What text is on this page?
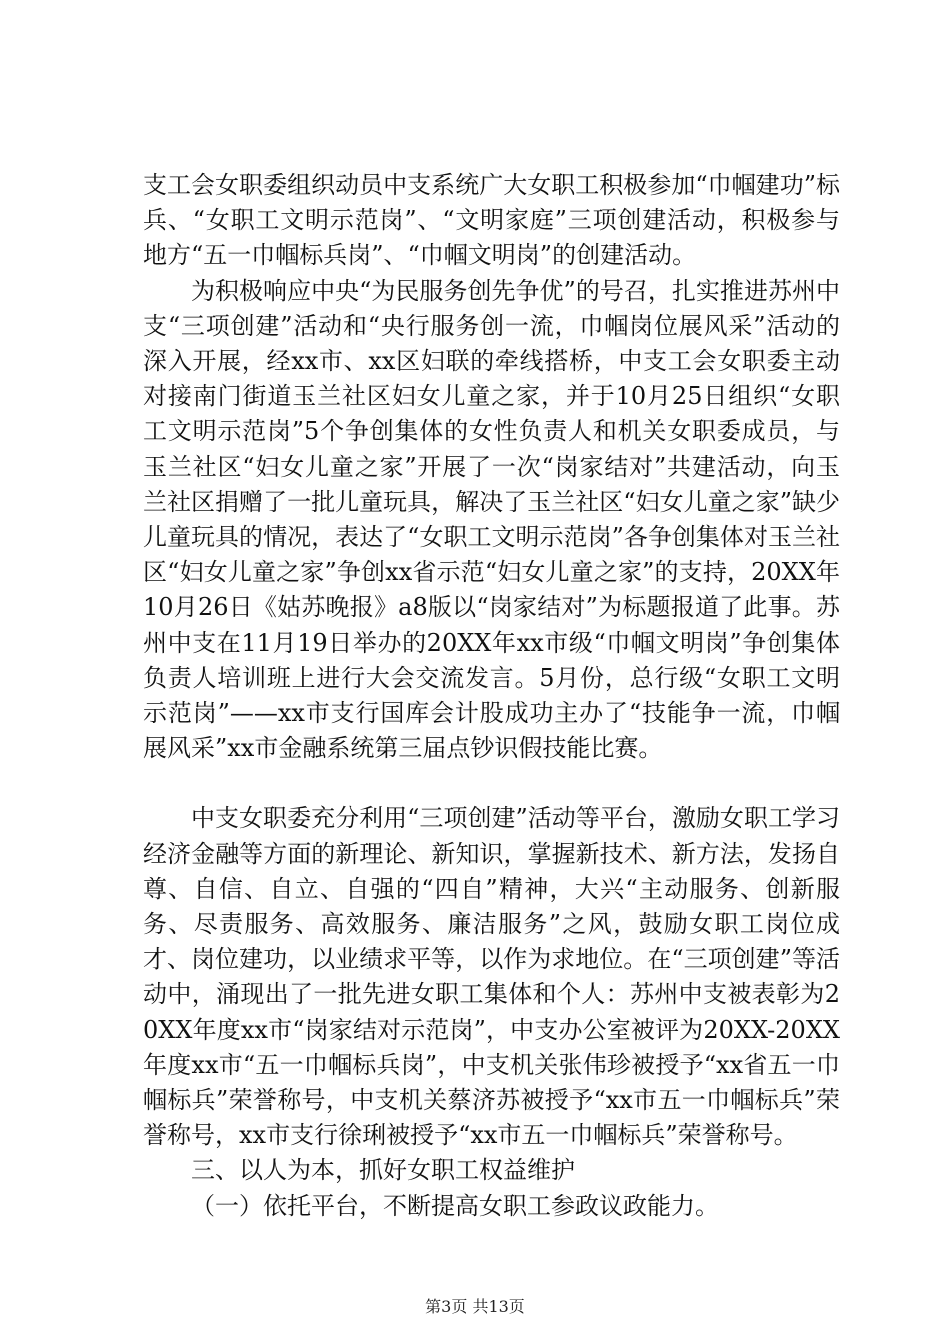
支工会女职委组织动员中支系统广大女职工积极参加“巾帼建功”标兵、“女职工文明示范岗”、“文明家庭”三项创建活动，积极参与地方“五一巾帼标兵岗”、“巾帼文明岗”的创建活动。

为积极响应中央“为民服务创先争优”的号召，扎实推进苏州中支“三项创建”活动和“央行服务创一流，巾帼岗位展风采”活动的深入开展，经xx市、xx区妇联的牵线搭桥，中支工会女职委主动对接南门街道玉兰社区妇女儿童之家，并于10月25日组织“女职工文明示范岗”5个争创集体的女性负责人和机关女职委成员，与玉兰社区“妇女儿童之家”开展了一次“岗家结对”共建活动，向玉兰社区捐赠了一批儿童玩具，解决了玉兰社区“妇女儿童之家”缺少儿童玩具的情况，表达了“女职工文明示范岗”各争创集体对玉兰社区“妇女儿童之家”争创xx省示范“妇女儿童之家”的支持，20XX年10月26日《姑苏晚报》a8版以“岗家结对”为标题报道了此事。苏州中支在11月19日举办的20XX年xx市级“巾帼文明岗”争创集体负责人培训班上进行大会交流发言。5月份，总行级“女职工文明示范岗”——xx市支行国库会计股成功主办了“技能争一流，巾帼展风采”xx市金融系统第三届点钞识假技能比赛。

中支女职委充分利用“三项创建”活动等平台，激励女职工学习经济金融等方面的新理论、新知识，掌握新技术、新方法，发扬自尊、自信、自立、自强的“四自”精神，大兴“主动服务、创新服务、尽责服务、高效服务、廉洁服务”之风，鼓励女职工岗位成才、岗位建功，以业绩求平等，以作为求地位。在“三项创建”等活动中，涌现出了一批先进女职工集体和个人：苏州中支被表彰为20XX年度xx市“岗家结对示范岗”，中支办公室被评为20XX-20XX年度xx市“五一巾帼标兵岗”，中支机关张伟珍被授予“xx省五一巾帼标兵”荣誉称号，中支机关蔡济苏被授予“xx市五一巾帼标兵”荣誉称号，xx市支行徐琍被授予“xx市五一巾帼标兵”荣誉称号。

三、以人为本，抓好女职工权益维护

（一）依托平台，不断提高女职工参政议政能力。

第3页 共13页
